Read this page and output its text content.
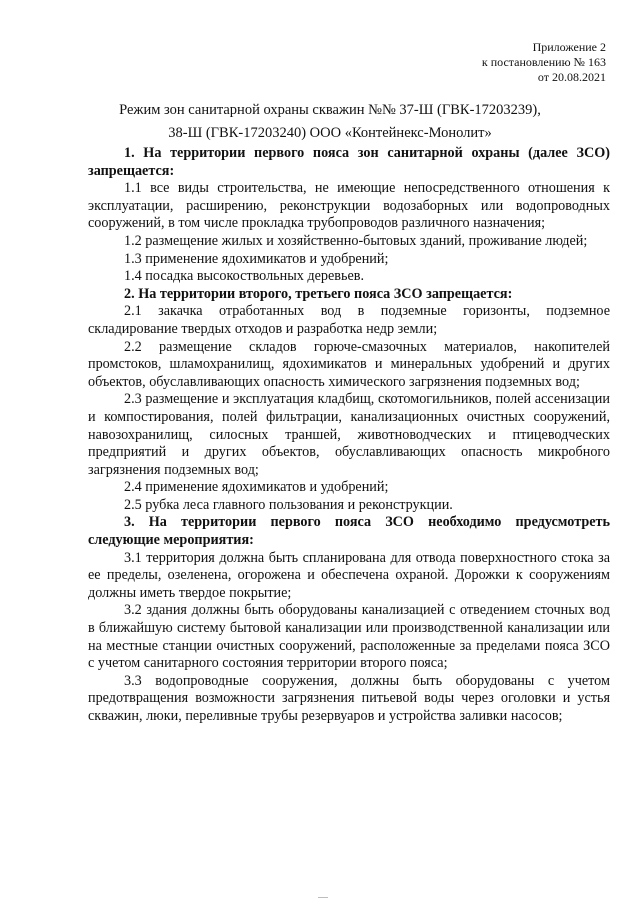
Приложение 2
к постановлению № 163
от 20.08.2021
Режим зон санитарной охраны скважин №№ 37-Ш (ГВК-17203239),
38-Ш (ГВК-17203240) ООО «Контейнекс-Монолит»

1. На территории первого пояса зон санитарной охраны (далее ЗСО) запрещается:

1.1 все виды строительства, не имеющие непосредственного отношения к эксплуатации, расширению, реконструкции водозаборных или водопроводных сооружений, в том числе прокладка трубопроводов различного назначения;

1.2 размещение жилых и хозяйственно-бытовых зданий, проживание людей;

1.3 применение ядохимикатов и удобрений;

1.4 посадка высокоствольных деревьев.

2. На территории второго, третьего пояса ЗСО запрещается:

2.1 закачка отработанных вод в подземные горизонты, подземное складирование твердых отходов и разработка недр земли;

2.2 размещение складов горюче-смазочных материалов, накопителей промстоков, шламохранилищ, ядохимикатов и минеральных удобрений и других объектов, обуславливающих опасность химического загрязнения подземных вод;

2.3 размещение и эксплуатация кладбищ, скотомогильников, полей ассенизации и компостирования, полей фильтрации, канализационных очистных сооружений, навозохранилищ, силосных траншей, животноводческих и птицеводческих предприятий и других объектов, обуславливающих опасность микробного загрязнения подземных вод;

2.4 применение ядохимикатов и удобрений;

2.5 рубка леса главного пользования и реконструкции.

3. На территории первого пояса ЗСО необходимо предусмотреть следующие мероприятия:

3.1 территория должна быть спланирована для отвода поверхностного стока за ее пределы, озеленена, огорожена и обеспечена охраной. Дорожки к сооружениям должны иметь твердое покрытие;

3.2 здания должны быть оборудованы канализацией с отведением сточных вод в ближайшую систему бытовой канализации или производственной канализации или на местные станции очистных сооружений, расположенные за пределами пояса ЗСО с учетом санитарного состояния территории второго пояса;

3.3 водопроводные сооружения, должны быть оборудованы с учетом предотвращения возможности загрязнения питьевой воды через оголовки и устья скважин, люки, переливные трубы резервуаров и устройства заливки насосов;
